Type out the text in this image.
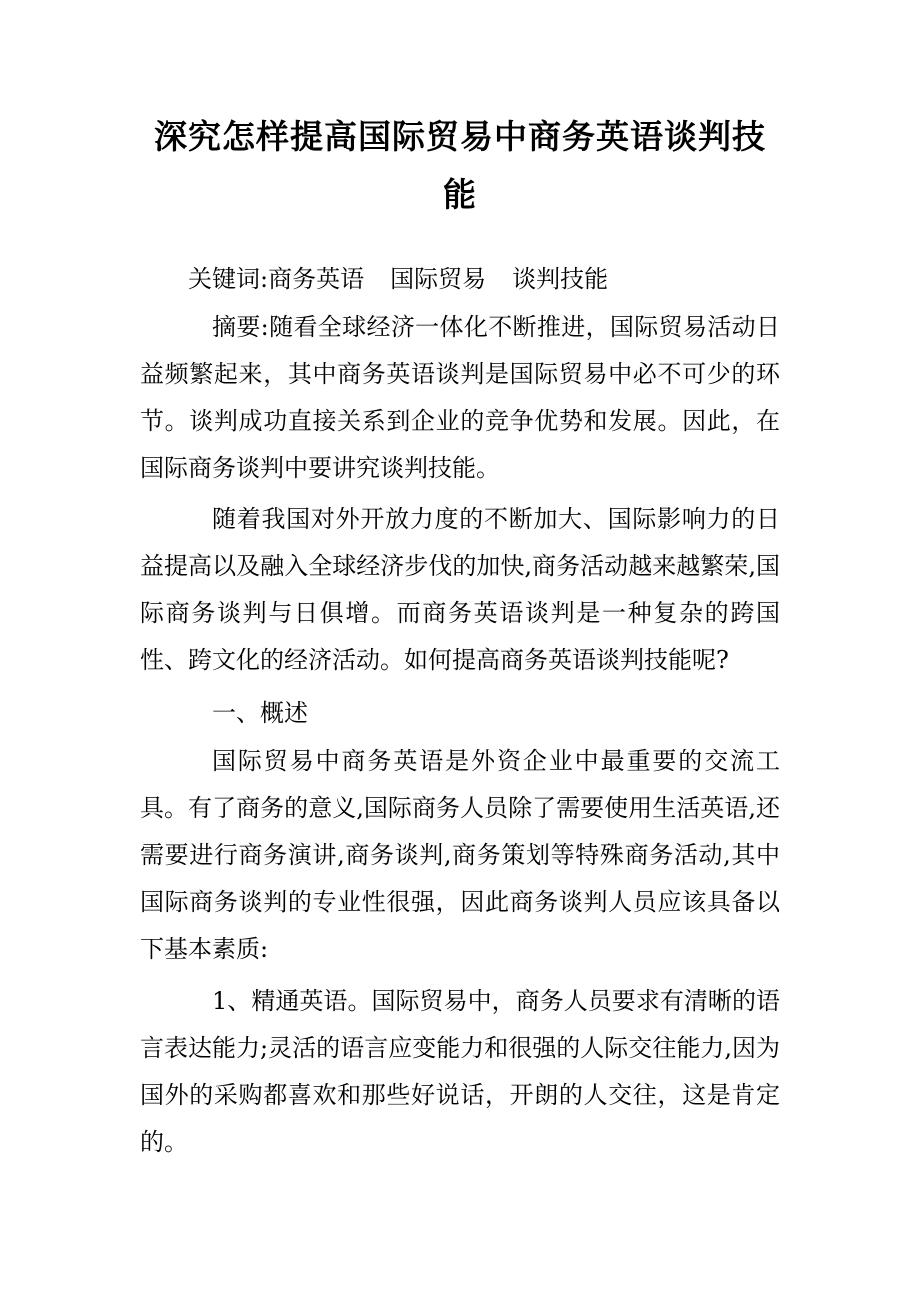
深究怎样提高国际贸易中商务英语谈判技能

关键词:商务英语 国际贸易 谈判技能

摘要:随看全球经济一体化不断推进，国际贸易活动日益频繁起来，其中商务英语谈判是国际贸易中必不可少的环节。谈判成功直接关系到企业的竞争优势和发展。因此，在国际商务谈判中要讲究谈判技能。

随着我国对外开放力度的不断加大、国际影响力的日益提高以及融入全球经济步伐的加快,商务活动越来越繁荣,国际商务谈判与日俱增。而商务英语谈判是一种复杂的跨国性、跨文化的经济活动。如何提高商务英语谈判技能呢?

一、概述

国际贸易中商务英语是外资企业中最重要的交流工具。有了商务的意义,国际商务人员除了需要使用生活英语,还需要进行商务演讲,商务谈判,商务策划等特殊商务活动,其中国际商务谈判的专业性很强，因此商务谈判人员应该具备以下基本素质:

1、精通英语。国际贸易中，商务人员要求有清晰的语言表达能力;灵活的语言应变能力和很强的人际交往能力,因为国外的采购都喜欢和那些好说话，开朗的人交往，这是肯定的。
